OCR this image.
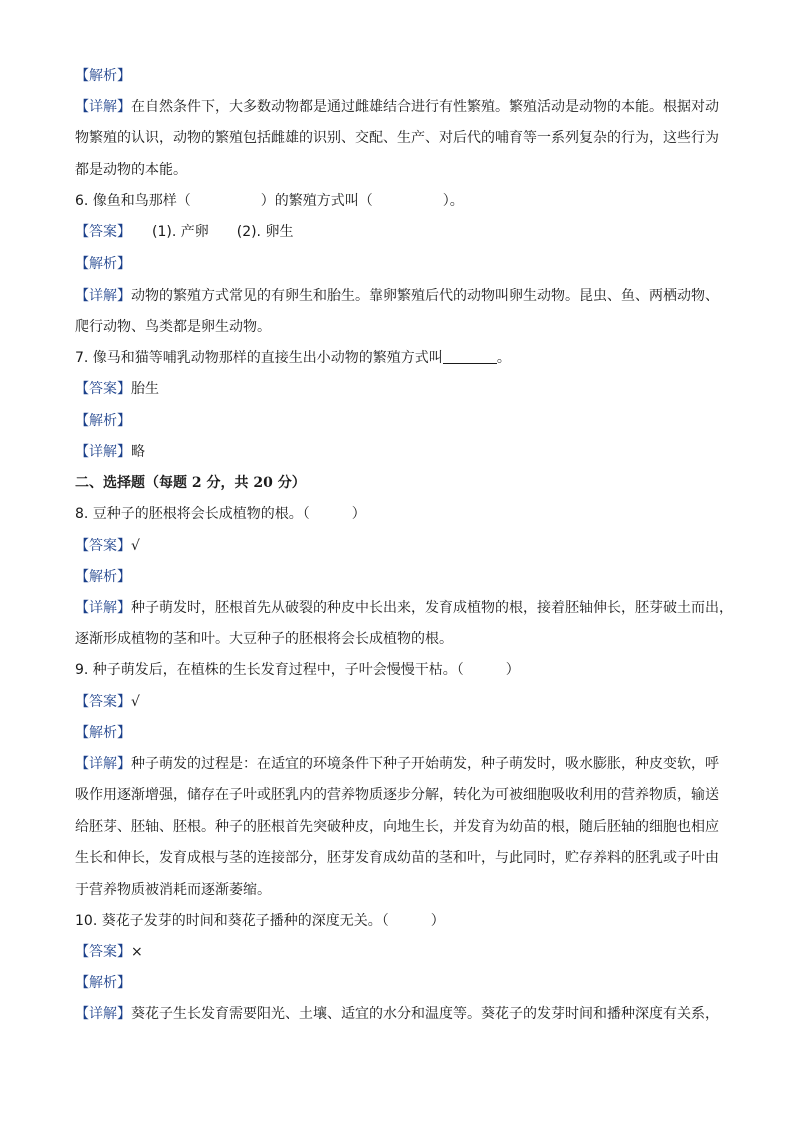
【解析】
【详解】在自然条件下，大多数动物都是通过雌雄结合进行有性繁殖。繁殖活动是动物的本能。根据对动
物繁殖的认识，动物的繁殖包括雌雄的识别、交配、生产、对后代的哺育等一系列复杂的行为，这些行为
都是动物的本能。
6. 像鱼和鸟那样（　　　　　）的繁殖方式叫（　　　　　）。
【答案】　　(1). 产卵　　(2). 卵生
【解析】
【详解】动物的繁殖方式常见的有卵生和胎生。靠卵繁殖后代的动物叫卵生动物。昆虫、鱼、两栖动物、
爬行动物、鸟类都是卵生动物。
7. 像马和猫等哺乳动物那样的直接生出小动物的繁殖方式叫	。
【答案】胎生
【解析】
【详解】略
二、选择题（每题 2 分，共 20 分）
8. 豆种子的胚根将会长成植物的根。（　　　）
【答案】√
【解析】
【详解】种子萌发时，胚根首先从破裂的种皮中长出来，发育成植物的根，接着胚轴伸长，胚芽破土而出，
逐渐形成植物的茎和叶。大豆种子的胚根将会长成植物的根。
9. 种子萌发后，在植株的生长发育过程中，子叶会慢慢干枯。（　　　）
【答案】√
【解析】
【详解】种子萌发的过程是：在适宜的环境条件下种子开始萌发，种子萌发时，吸水膨胀，种皮变软，呼
吸作用逐渐增强，储存在子叶或胚乳内的营养物质逐步分解，转化为可被细胞吸收利用的营养物质，输送
给胚芽、胚轴、胚根。种子的胚根首先突破种皮，向地生长，并发育为幼苗的根，随后胚轴的细胞也相应
生长和伸长，发育成根与茎的连接部分，胚芽发育成幼苗的茎和叶，与此同时，贮存养料的胚乳或子叶由
于营养物质被消耗而逐渐萎缩。
10. 葵花子发芽的时间和葵花子播种的深度无关。（　　　）
【答案】×
【解析】
【详解】葵花子生长发育需要阳光、土壤、适宜的水分和温度等。葵花子的发芽时间和播种深度有关系，
